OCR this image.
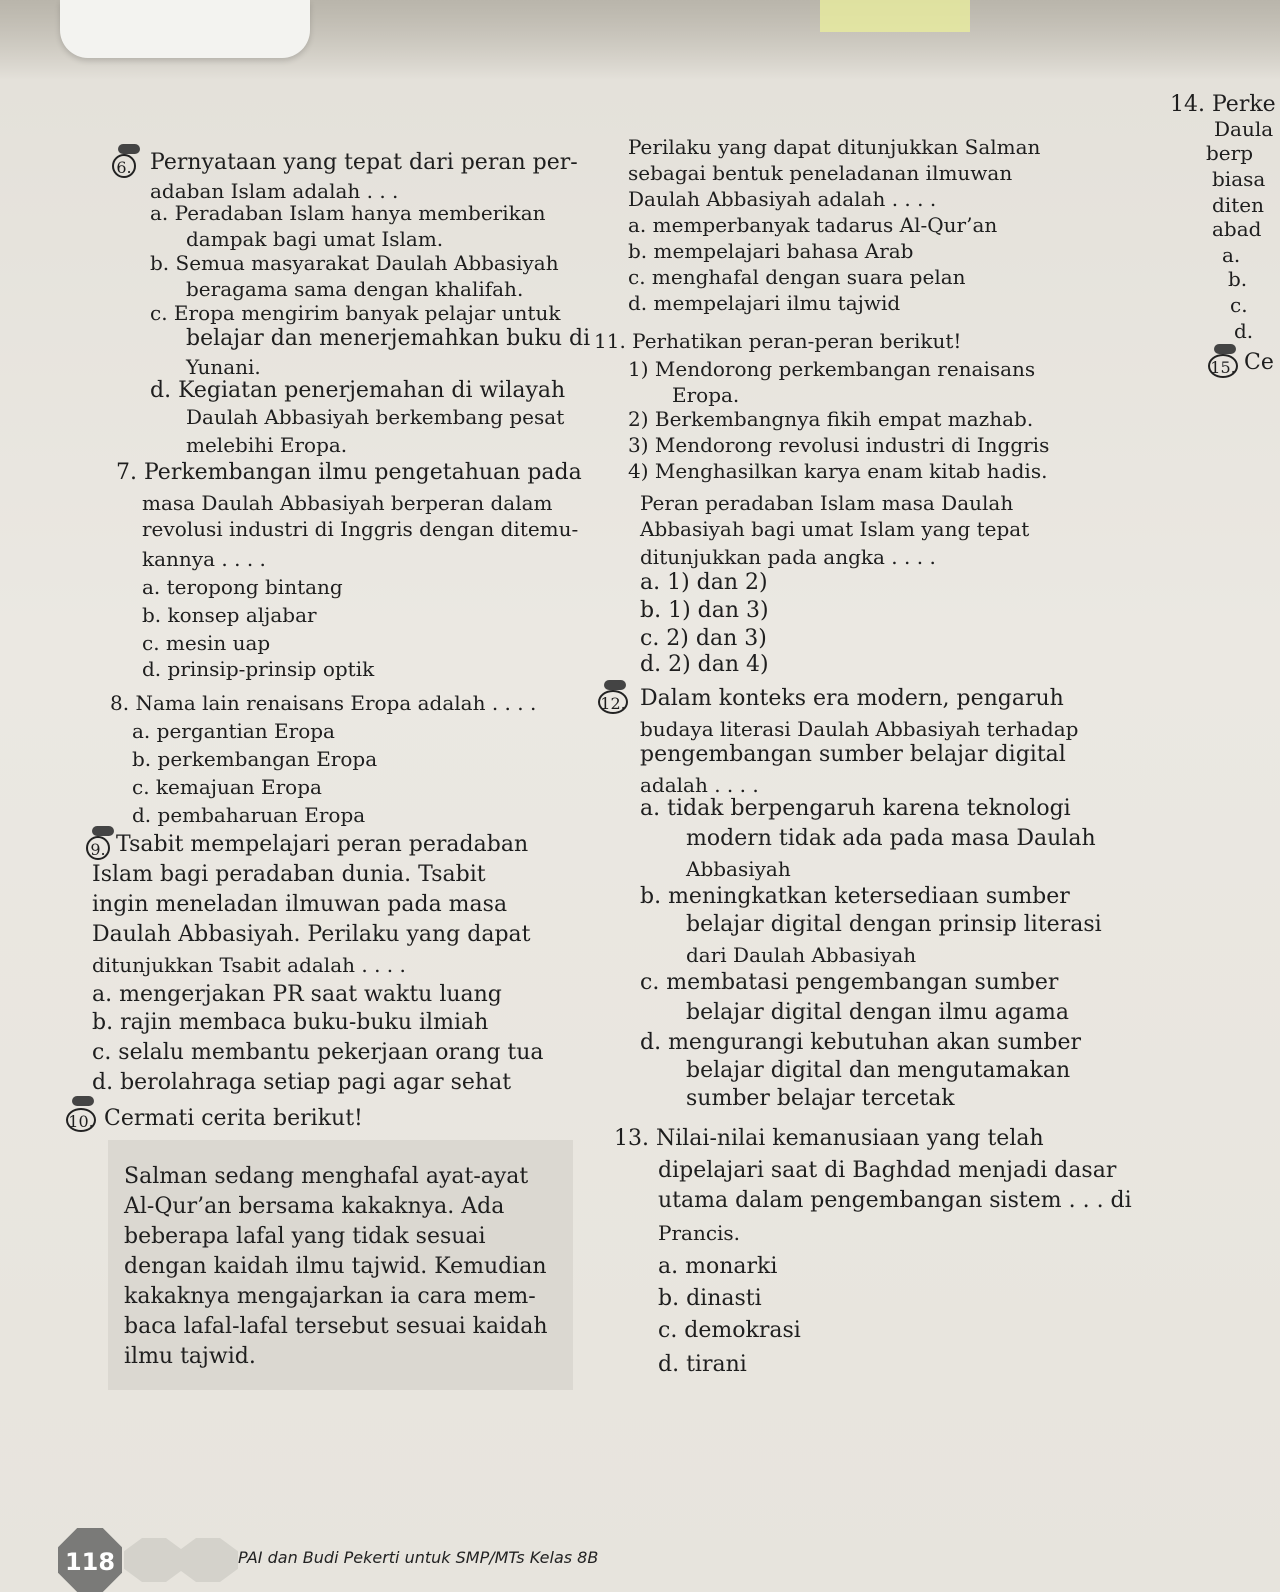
6. Pernyataan yang tepat dari peran per-
adaban Islam adalah . . .
a. Peradaban Islam hanya memberikan
dampak bagi umat Islam.
b. Semua masyarakat Daulah Abbasiyah
beragama sama dengan khalifah.
c. Eropa mengirim banyak pelajar untuk
belajar dan menerjemahkan buku di
Yunani.
d. Kegiatan penerjemahan di wilayah
Daulah Abbasiyah berkembang pesat
melebihi Eropa.
7. Perkembangan ilmu pengetahuan pada
masa Daulah Abbasiyah berperan dalam
revolusi industri di Inggris dengan ditemu-
kannya . . . .
a. teropong bintang
b. konsep aljabar
c. mesin uap
d. prinsip-prinsip optik
8. Nama lain renaisans Eropa adalah . . . .
a. pergantian Eropa
b. perkembangan Eropa
c. kemajuan Eropa
d. pembaharuan Eropa
9. Tsabit mempelajari peran peradaban
Islam bagi peradaban dunia. Tsabit
ingin meneladan ilmuwan pada masa
Daulah Abbasiyah. Perilaku yang dapat
ditunjukkan Tsabit adalah . . . .
a. mengerjakan PR saat waktu luang
b. rajin membaca buku-buku ilmiah
c. selalu membantu pekerjaan orang tua
d. berolahraga setiap pagi agar sehat
10. Cermati cerita berikut!
Salman sedang menghafal ayat-ayat
Al-Qur’an bersama kakaknya. Ada
beberapa lafal yang tidak sesuai
dengan kaidah ilmu tajwid. Kemudian
kakaknya mengajarkan ia cara mem-
baca lafal-lafal tersebut sesuai kaidah
ilmu tajwid.
Perilaku yang dapat ditunjukkan Salman
sebagai bentuk peneladanan ilmuwan
Daulah Abbasiyah adalah . . . .
a. memperbanyak tadarus Al-Qur’an
b. mempelajari bahasa Arab
c. menghafal dengan suara pelan
d. mempelajari ilmu tajwid
11. Perhatikan peran-peran berikut!
1) Mendorong perkembangan renaisans
Eropa.
2) Berkembangnya fikih empat mazhab.
3) Mendorong revolusi industri di Inggris
4) Menghasilkan karya enam kitab hadis.
Peran peradaban Islam masa Daulah
Abbasiyah bagi umat Islam yang tepat
ditunjukkan pada angka . . . .
a. 1) dan 2)
b. 1) dan 3)
c. 2) dan 3)
d. 2) dan 4)
12. Dalam konteks era modern, pengaruh
budaya literasi Daulah Abbasiyah terhadap
pengembangan sumber belajar digital
adalah . . . .
a. tidak berpengaruh karena teknologi
modern tidak ada pada masa Daulah
Abbasiyah
b. meningkatkan ketersediaan sumber
belajar digital dengan prinsip literasi
dari Daulah Abbasiyah
c. membatasi pengembangan sumber
belajar digital dengan ilmu agama
d. mengurangi kebutuhan akan sumber
belajar digital dan mengutamakan
sumber belajar tercetak
13. Nilai-nilai kemanusiaan yang telah
dipelajari saat di Baghdad menjadi dasar
utama dalam pengembangan sistem . . . di
Prancis.
a. monarki
b. dinasti
c. demokrasi
d. tirani
14. Perke
Daula
berp
biasa
diten
abad
a.
b.
c.
d.
15. Ce
118	PAI dan Budi Pekerti untuk SMP/MTs Kelas 8B
